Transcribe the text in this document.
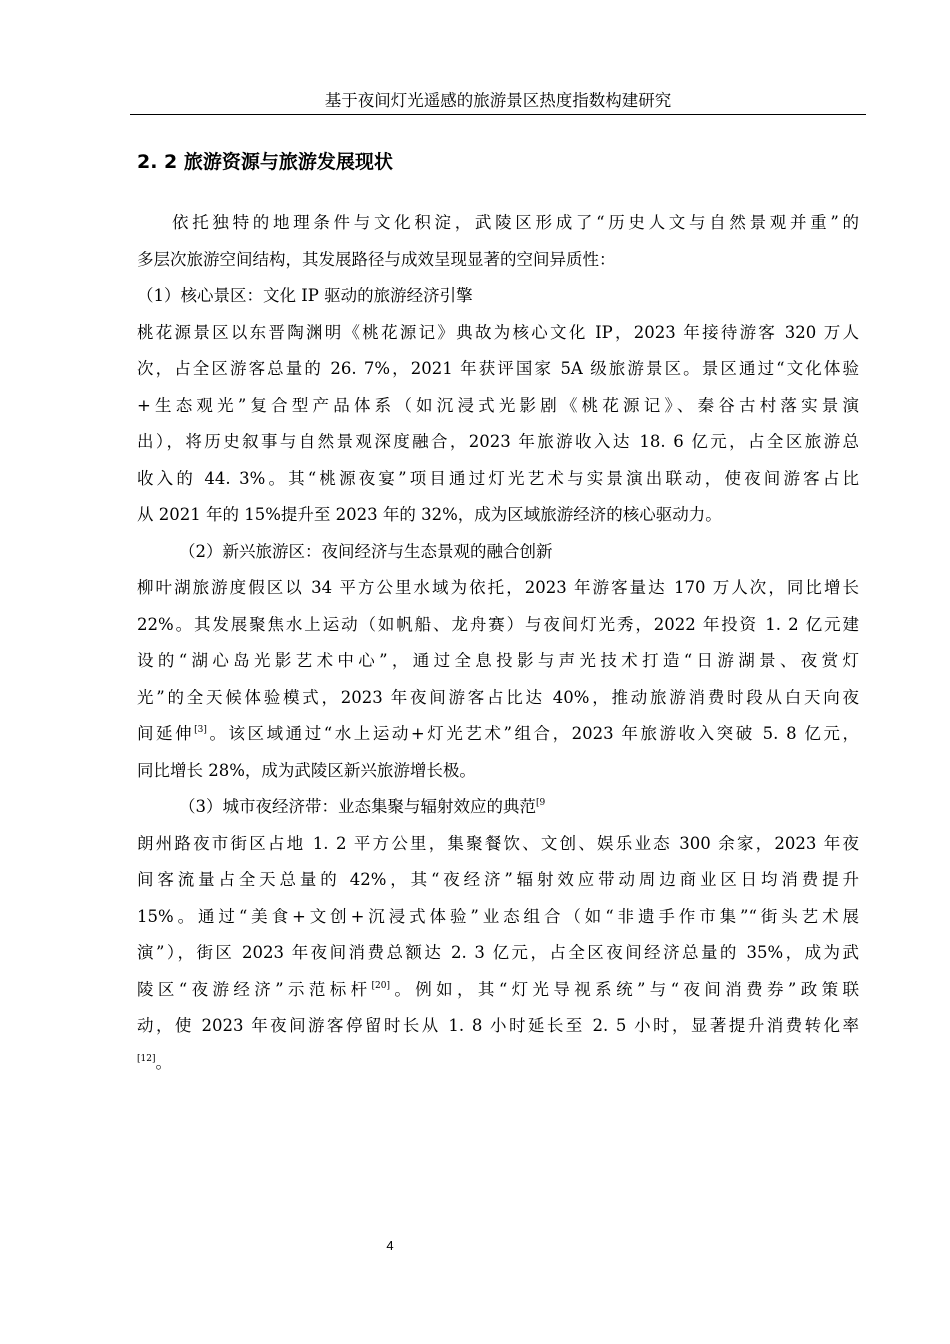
基于夜间灯光遥感的旅游景区热度指数构建研究
2. 2 旅游资源与旅游发展现状
依托独特的地理条件与文化积淀，武陵区形成了“历史人文与自然景观并重”的
多层次旅游空间结构，其发展路径与成效呈现显著的空间异质性：
（1）核心景区：文化 IP 驱动的旅游经济引擎
桃花源景区以东晋陶渊明《桃花源记》典故为核心文化 IP，2023 年接待游客 320 万人
次，占全区游客总量的 26. 7%，2021 年获评国家 5A 级旅游景区。景区通过“文化体验
+生态观光”复合型产品体系（如沉浸式光影剧《桃花源记》、秦谷古村落实景演
出），将历史叙事与自然景观深度融合，2023 年旅游收入达 18. 6 亿元，占全区旅游总
收入的 44. 3%。其“桃源夜宴”项目通过灯光艺术与实景演出联动，使夜间游客占比
从 2021 年的 15%提升至 2023 年的 32%，成为区域旅游经济的核心驱动力。
（2）新兴旅游区：夜间经济与生态景观的融合创新
柳叶湖旅游度假区以 34 平方公里水域为依托，2023 年游客量达 170 万人次，同比增长
22%。其发展聚焦水上运动（如帆船、龙舟赛）与夜间灯光秀，2022 年投资 1. 2 亿元建
设的“湖心岛光影艺术中心”，通过全息投影与声光技术打造“日游湖景、夜赏灯
光”的全天候体验模式，2023 年夜间游客占比达 40%，推动旅游消费时段从白天向夜
间延伸[3]。该区域通过“水上运动+灯光艺术”组合，2023 年旅游收入突破 5. 8 亿元，
同比增长 28%，成为武陵区新兴旅游增长极。
（3）城市夜经济带：业态集聚与辐射效应的典范$^{[9}$
朗州路夜市街区占地 1. 2 平方公里，集聚餐饮、文创、娱乐业态 300 余家，2023 年夜
间客流量占全天总量的 42%，其“夜经济”辐射效应带动周边商业区日均消费提升
15%。通过“美食+文创+沉浸式体验”业态组合（如“非遗手作市集”“街头艺术展
演”），街区 2023 年夜间消费总额达 2. 3 亿元，占全区夜间经济总量的 35%，成为武
陵区“夜游经济”示范标杆[20]。例如，其“灯光导视系统”与“夜间消费券”政策联
动，使 2023 年夜间游客停留时长从 1. 8 小时延长至 2. 5 小时，显著提升消费转化率
[12]。
4
